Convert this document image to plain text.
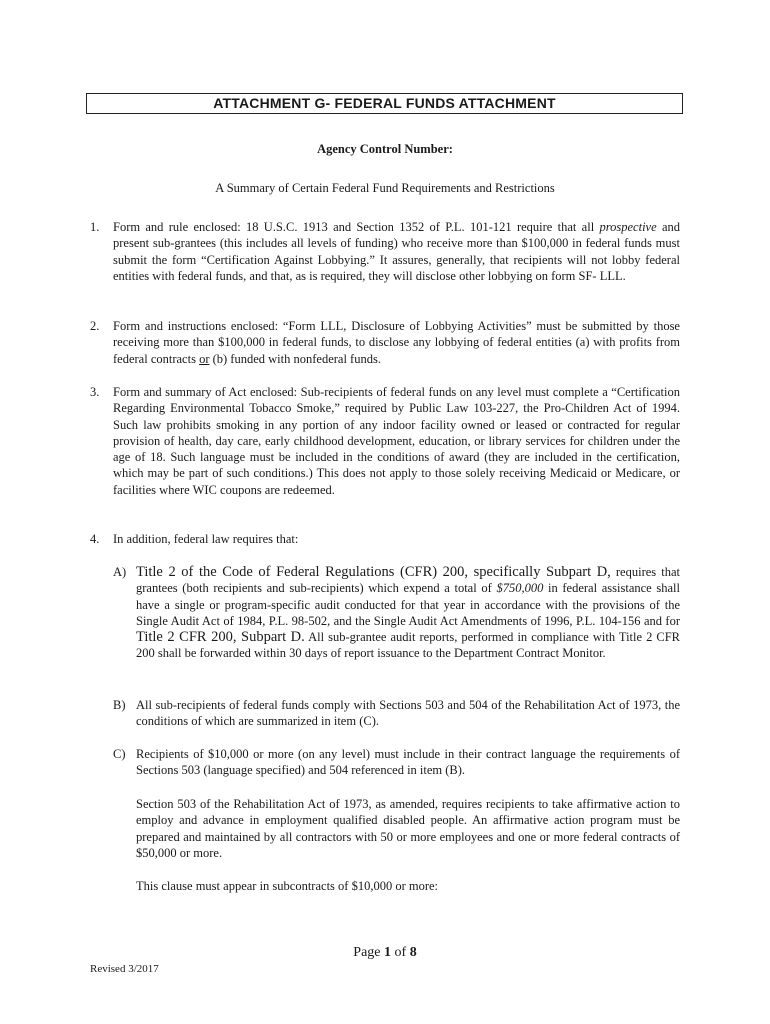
ATTACHMENT G- FEDERAL FUNDS ATTACHMENT
Agency Control Number:
A Summary of Certain Federal Fund Requirements and Restrictions
1. Form and rule enclosed: 18 U.S.C. 1913 and Section 1352 of P.L. 101-121 require that all prospective and present sub-grantees (this includes all levels of funding) who receive more than $100,000 in federal funds must submit the form “Certification Against Lobbying.” It assures, generally, that recipients will not lobby federal entities with federal funds, and that, as is required, they will disclose other lobbying on form SF- LLL.
2. Form and instructions enclosed: “Form LLL, Disclosure of Lobbying Activities” must be submitted by those receiving more than $100,000 in federal funds, to disclose any lobbying of federal entities (a) with profits from federal contracts or (b) funded with nonfederal funds.
3. Form and summary of Act enclosed: Sub-recipients of federal funds on any level must complete a “Certification Regarding Environmental Tobacco Smoke,” required by Public Law 103-227, the Pro-Children Act of 1994. Such law prohibits smoking in any portion of any indoor facility owned or leased or contracted for regular provision of health, day care, early childhood development, education, or library services for children under the age of 18. Such language must be included in the conditions of award (they are included in the certification, which may be part of such conditions.) This does not apply to those solely receiving Medicaid or Medicare, or facilities where WIC coupons are redeemed.
4. In addition, federal law requires that:
A) Title 2 of the Code of Federal Regulations (CFR) 200, specifically Subpart D, requires that grantees (both recipients and sub-recipients) which expend a total of $750,000 in federal assistance shall have a single or program-specific audit conducted for that year in accordance with the provisions of the Single Audit Act of 1984, P.L. 98-502, and the Single Audit Act Amendments of 1996, P.L. 104-156 and for Title 2 CFR 200, Subpart D. All sub-grantee audit reports, performed in compliance with Title 2 CFR 200 shall be forwarded within 30 days of report issuance to the Department Contract Monitor.
B) All sub-recipients of federal funds comply with Sections 503 and 504 of the Rehabilitation Act of 1973, the conditions of which are summarized in item (C).
C) Recipients of $10,000 or more (on any level) must include in their contract language the requirements of Sections 503 (language specified) and 504 referenced in item (B).
Section 503 of the Rehabilitation Act of 1973, as amended, requires recipients to take affirmative action to employ and advance in employment qualified disabled people. An affirmative action program must be prepared and maintained by all contractors with 50 or more employees and one or more federal contracts of $50,000 or more.
This clause must appear in subcontracts of $10,000 or more:
Page 1 of 8
Revised 3/2017
